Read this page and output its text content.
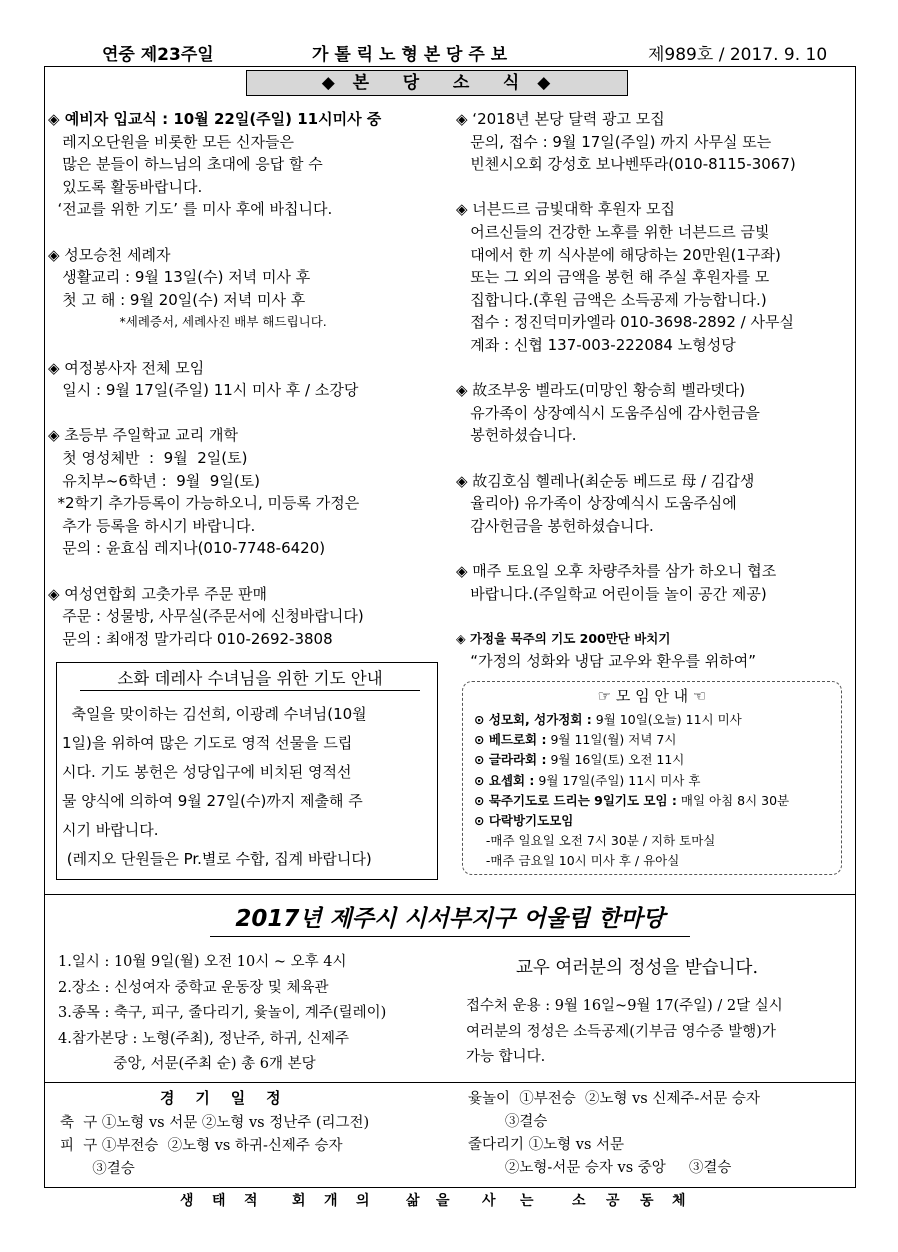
연중 제23주일	가 톨 릭 노 형 본 당 주 보	제989호 / 2017. 9. 10
◆  본    당    소    식  ◆
◈ 예비자 입교식 : 10월 22일(주일) 11시미사 중
레지오단원을 비롯한 모든 신자들은
많은 분들이 하느님의 초대에 응답 할 수
있도록 활동바랍니다.
‘전교를 위한 기도’ 를 미사 후에 바칩니다.
◈ 성모승천 세례자
생활교리 : 9월 13일(수) 저녁 미사 후
첫 고 해 : 9월 20일(수) 저녁 미사 후
*세례증서, 세례사진 배부 해드립니다.
◈ 여정봉사자 전체 모임
일시 : 9월 17일(주일) 11시 미사 후 / 소강당
◈ 초등부 주일학교 교리 개학
첫 영성체반  :  9월  2일(토)
유치부~6학년 :  9월  9일(토)
*2학기 추가등록이 가능하오니, 미등록 가정은
추가 등록을 하시기 바랍니다.
문의 : 윤효심 레지나(010-7748-6420)
◈ 여성연합회 고춧가루 주문 판매
주문 : 성물방, 사무실(주문서에 신청바랍니다)
문의 : 최애정 말가리다 010-2692-3808
◈ ‘2018년 본당 달력 광고 모집
문의, 접수 : 9월 17일(주일) 까지 사무실 또는
빈첸시오회 강성호 보나벤뚜라(010-8115-3067)
◈ 너븐드르 금빛대학 후원자 모집
어르신들의 건강한 노후를 위한 너븐드르 금빛
대에서 한 끼 식사분에 해당하는 20만원(1구좌)
또는 그 외의 금액을 봉헌 해 주실 후원자를 모
집합니다.(후원 금액은 소득공제 가능합니다.)
접수 : 정진덕미카엘라 010-3698-2892 / 사무실
계좌 : 신협 137-003-222084 노형성당
◈ 故조부웅 벨라도(미망인 황승희 벨라뎃다)
유가족이 상장예식시 도움주심에 감사헌금을
봉헌하셨습니다.
◈ 故김호심 헬레나(최순동 베드로 母 / 김갑생
율리아) 유가족이 상장예식시 도움주심에
감사헌금을 봉헌하셨습니다.
◈ 매주 토요일 오후 차량주차를 삼가 하오니 협조
바랍니다.(주일학교 어린이들 놀이 공간 제공)
◈ 가정을 묵주의 기도 200만단 바치기
“가정의 성화와 냉담 교우와 환우를 위하여”
소화 데레사 수녀님을 위한 기도 안내
축일을 맞이하는 김선희, 이광례 수녀님(10월
1일)을 위하여 많은 기도로 영적 선물을 드립
시다. 기도 봉헌은 성당입구에 비치된 영적선
물 양식에 의하여 9월 27일(수)까지 제출해 주
시기 바랍니다.
(레지오 단원들은 Pr.별로 수합, 집계 바랍니다)
☞ 모 임 안 내 ☜
⊙ 성모회, 성가정회 : 9월 10일(오늘) 11시 미사
⊙ 베드로회 : 9월 11일(월) 저녁 7시
⊙ 글라라회 : 9월 16일(토) 오전 11시
⊙ 요셉회 : 9월 17일(주일) 11시 미사 후
⊙ 묵주기도로 드리는 9일기도 모임 : 매일 아침 8시 30분
⊙ 다락방기도모임
-매주 일요일 오전 7시 30분 / 지하 토마실
-매주 금요일 10시 미사 후 / 유아실
2017년 제주시 시서부지구 어울림 한마당
1.일시 : 10월 9일(월) 오전 10시 ~ 오후 4시
2.장소 : 신성여자 중학교 운동장 및 체육관
3.종목 : 축구, 피구, 줄다리기, 윷놀이, 계주(릴레이)
4.참가본당 : 노형(주최), 정난주, 하귀, 신제주
중앙, 서문(주최 순) 총 6개 본당
교우 여러분의 정성을 받습니다.
접수처 운용 : 9월 16일~9월 17(주일) / 2달 실시
여러분의 정성은 소득공제(기부금 영수증 발행)가
가능 합니다.
경    기    일    정
축  구 ①노형 vs 서문 ②노형 vs 정난주 (리그전)
피  구 ①부전승  ②노형 vs 하귀-신제주 승자
③결승
윷놀이  ①부전승  ②노형 vs 신제주-서문 승자
③결승
줄다리기 ①노형 vs 서문
②노형-서문 승자 vs 중앙     ③결승
생 태 적 회 개 의	삶 을 사 는	소 공 동 체
